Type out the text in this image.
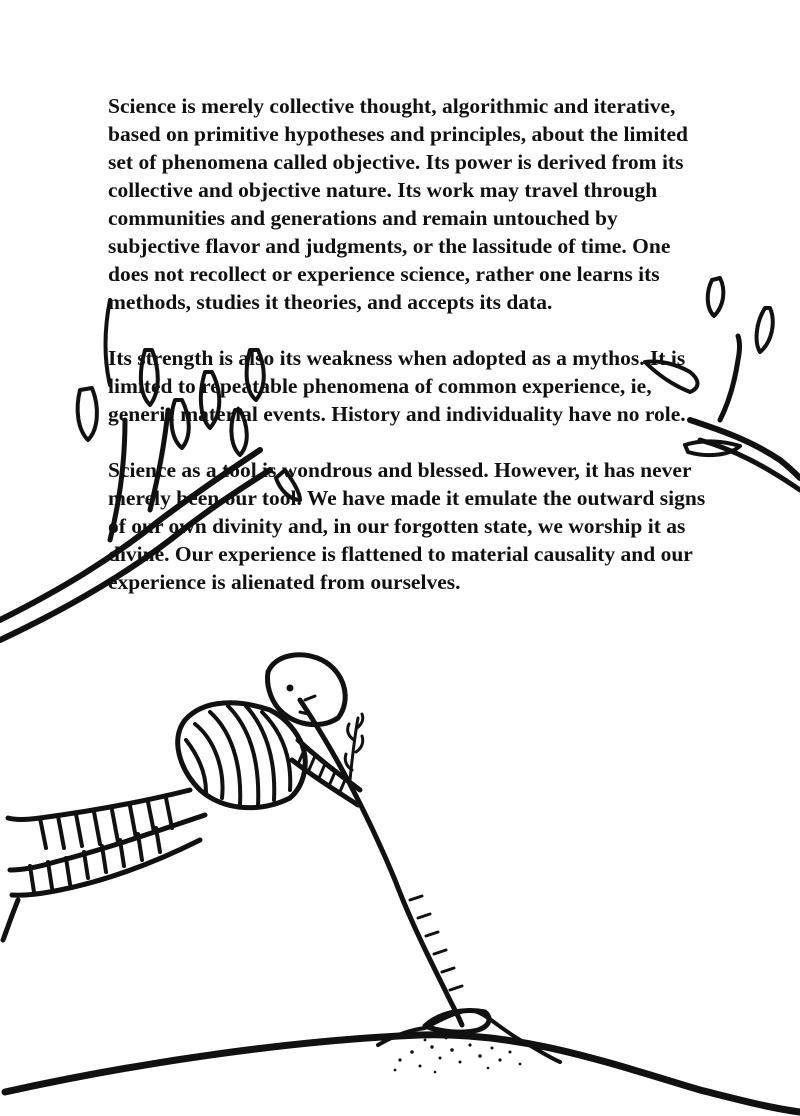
Science is merely collective thought, algorithmic and iterative, based on primitive hypotheses and principles, about the limited set of phenomena called objective. Its power is derived from its collective and objective nature. Its work may travel through communities and generations and remain untouched by subjective flavor and judgments, or the lassitude of time. One does not recollect or experience science, rather one learns its methods, studies it theories, and accepts its data.

Its strength is also its weakness when adopted as a mythos. It is limited to repeatable phenomena of common experience, ie, generic material events. History and individuality have no role.

Science as a tool is wondrous and blessed. However, it has never merely been our tool. We have made it emulate the outward signs of our own divinity and, in our forgotten state, we worship it as divine. Our experience is flattened to material causality and our experience is alienated from ourselves.
